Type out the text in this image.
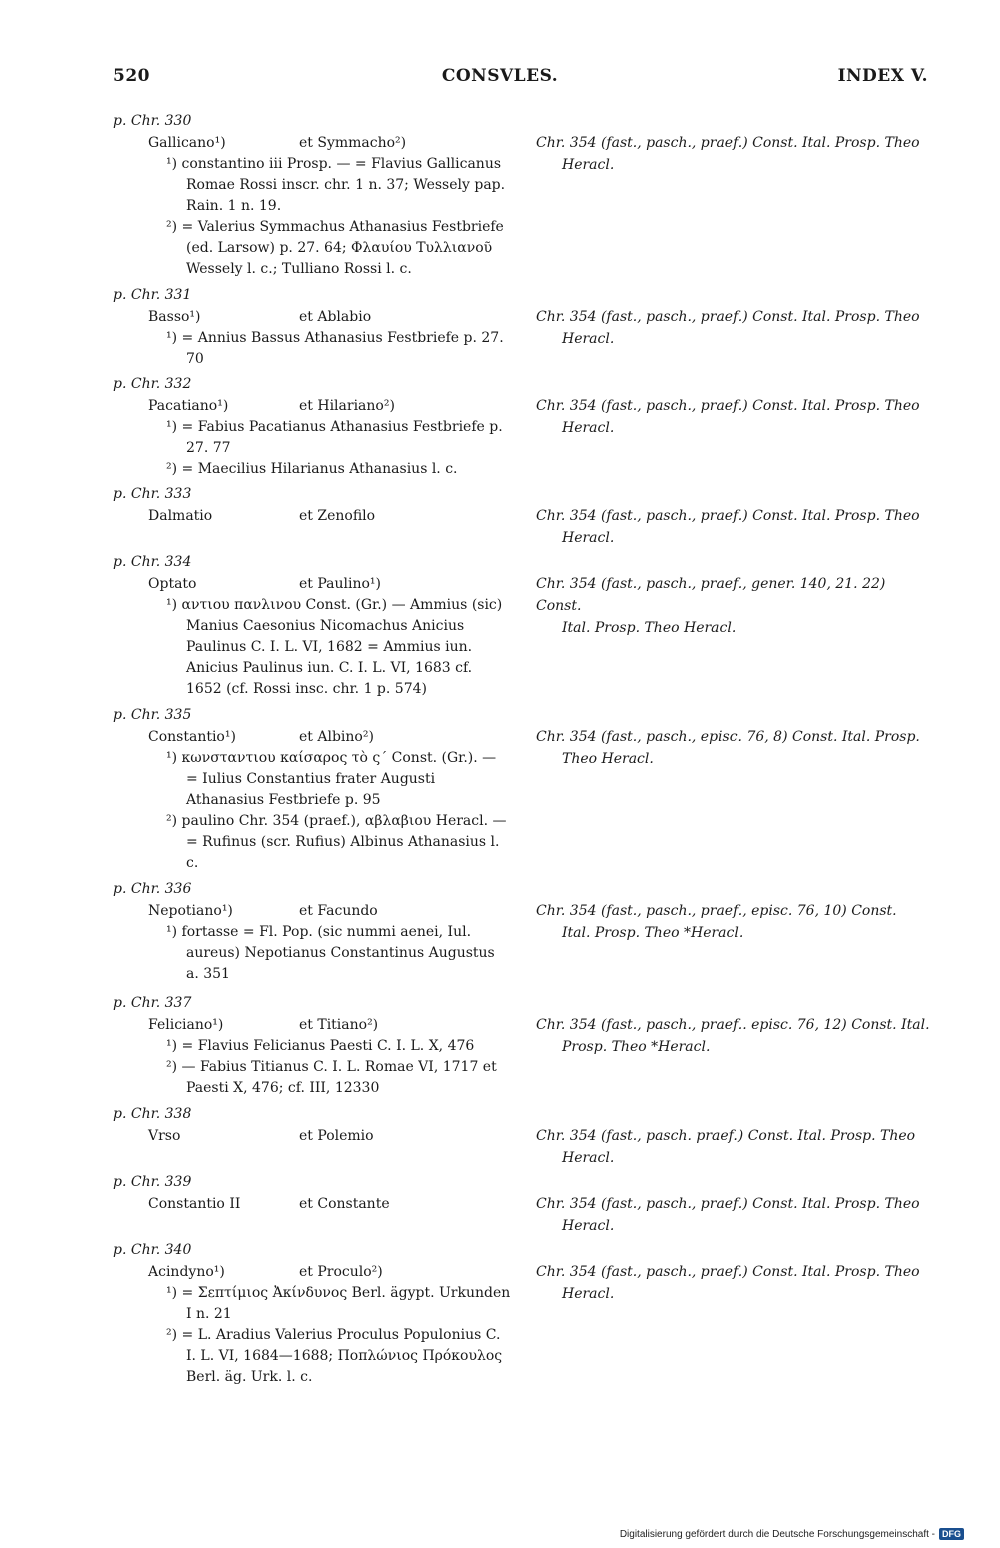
520	CONSVLES.	INDEX V.
p. Chr. 330
Gallicano¹)	et Symmacho²)	Chr. 354 (fast., pasch., praef.) Const. Ital. Prosp. Theo
Heracl.
¹) constantino iii Prosp. — = Flavius Gallicanus Romae Rossi inscr. chr. 1 n. 37; Wessely pap. Rain. 1 n. 19.
²) = Valerius Symmachus Athanasius Festbriefe (ed. Larsow) p. 27. 64; Φλαυίου Τυλλιανοῦ Wessely l. c.; Tulliano Rossi l. c.
p. Chr. 331
Basso¹)	et Ablabio	Chr. 354 (fast., pasch., praef.) Const. Ital. Prosp. Theo
Heracl.
¹) = Annius Bassus Athanasius Festbriefe p. 27. 70
p. Chr. 332
Pacatiano¹)	et Hilariano²)	Chr. 354 (fast., pasch., praef.) Const. Ital. Prosp. Theo
Heracl.
¹) = Fabius Pacatianus Athanasius Festbriefe p. 27. 77
²) = Maecilius Hilarianus Athanasius l. c.
p. Chr. 333
Dalmatio	et Zenofilo	Chr. 354 (fast., pasch., praef.) Const. Ital. Prosp. Theo
Heracl.
p. Chr. 334
Optato	et Paulino¹)	Chr. 354 (fast., pasch., praef., gener. 140, 21. 22) Const.
Ital. Prosp. Theo Heracl.
¹) αντιου πανλινου Const. (Gr.) — Ammius (sic) Manius Caesonius Nicomachus Anicius Paulinus C. I. L. VI, 1682 = Ammius iun. Anicius Paulinus iun. C. I. L. VI, 1683 cf. 1652 (cf. Rossi insc. chr. 1 p. 574)
p. Chr. 335
Constantio¹)	et Albino²)	Chr. 354 (fast., pasch., episc. 76, 8) Const. Ital. Prosp.
Theo Heracl.
¹) κωνσταντιου καίσαρος τὸ ς´ Const. (Gr.). — = Iulius Constantius frater Augusti Athanasius Festbriefe p. 95
²) paulino Chr. 354 (praef.), αβλαβιου Heracl. — = Rufinus (scr. Rufius) Albinus Athanasius l. c.
p. Chr. 336
Nepotiano¹)	et Facundo	Chr. 354 (fast., pasch., praef., episc. 76, 10) Const.
Ital. Prosp. Theo *Heracl.
¹) fortasse = Fl. Pop. (sic nummi aenei, Iul. aureus) Nepotianus Constantinus Augustus a. 351
p. Chr. 337
Feliciano¹)	et Titiano²)	Chr. 354 (fast., pasch., praef.. episc. 76, 12) Const. Ital.
Prosp. Theo *Heracl.
¹) = Flavius Felicianus Paesti C. I. L. X, 476
²) — Fabius Titianus C. I. L. Romae VI, 1717 et Paesti X, 476; cf. III, 12330
p. Chr. 338
Vrso	et Polemio	Chr. 354 (fast., pasch. praef.) Const. Ital. Prosp. Theo
Heracl.
p. Chr. 339
Constantio II	et Constante	Chr. 354 (fast., pasch., praef.) Const. Ital. Prosp. Theo
Heracl.
p. Chr. 340
Acindyno¹)	et Proculo²)	Chr. 354 (fast., pasch., praef.) Const. Ital. Prosp. Theo
Heracl.
¹) = Σεπτίμιος Ἀκίνδυνος Berl. ägypt. Urkunden I n. 21
²) = L. Aradius Valerius Proculus Populonius C. I. L. VI, 1684—1688; Ποπλώνιος Πρόκουλος Berl. äg. Urk. l. c.
Digitalisierung gefördert durch die Deutsche Forschungsgemeinschaft - DFG
